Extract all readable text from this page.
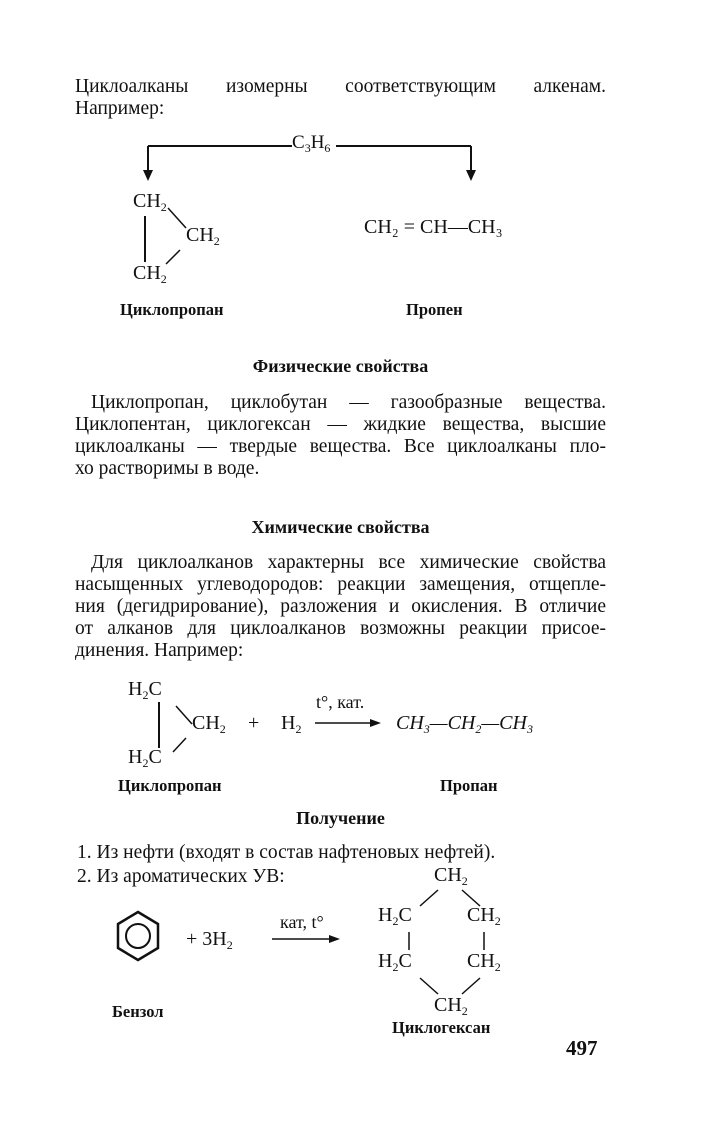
Циклоалканы изомерны соответствующим алкенам.
Например:
$C_3H_6$
$CH_2$
$CH_2$
$CH_2$
CH₂ = CH—CH₃
Циклопропан	Пропен
Физические свойства
Циклопропан, циклобутан — газообразные вещества.
Циклопентан, циклогексан — жидкие вещества, высшие
циклоалканы — твердые вещества. Все циклоалканы пло-
хо растворимы в воде.
Химические свойства
Для циклоалканов характерны все химические свойства
насыщенных углеводородов: реакции замещения, отщепле-
ния (дегидрирование), разложения и окисления. В отличие
от алканов для циклоалканов возможны реакции присое-
динения. Например:
$H_2C$
$CH_2$
$H_2C$
+ $H_2$
t°, кат.
$CH_3—CH_2—CH_3$
Циклопропан	Пропан
Получение
1. Из нефти (входят в состав нафтеновых нефтей).
2. Из ароматических УВ:
+ $3H_2$
кат, t°
$CH_2$
$H_2C$	$CH_2$
$H_2C$	$CH_2$
$CH_2$
Бензол
Циклогексан
497
